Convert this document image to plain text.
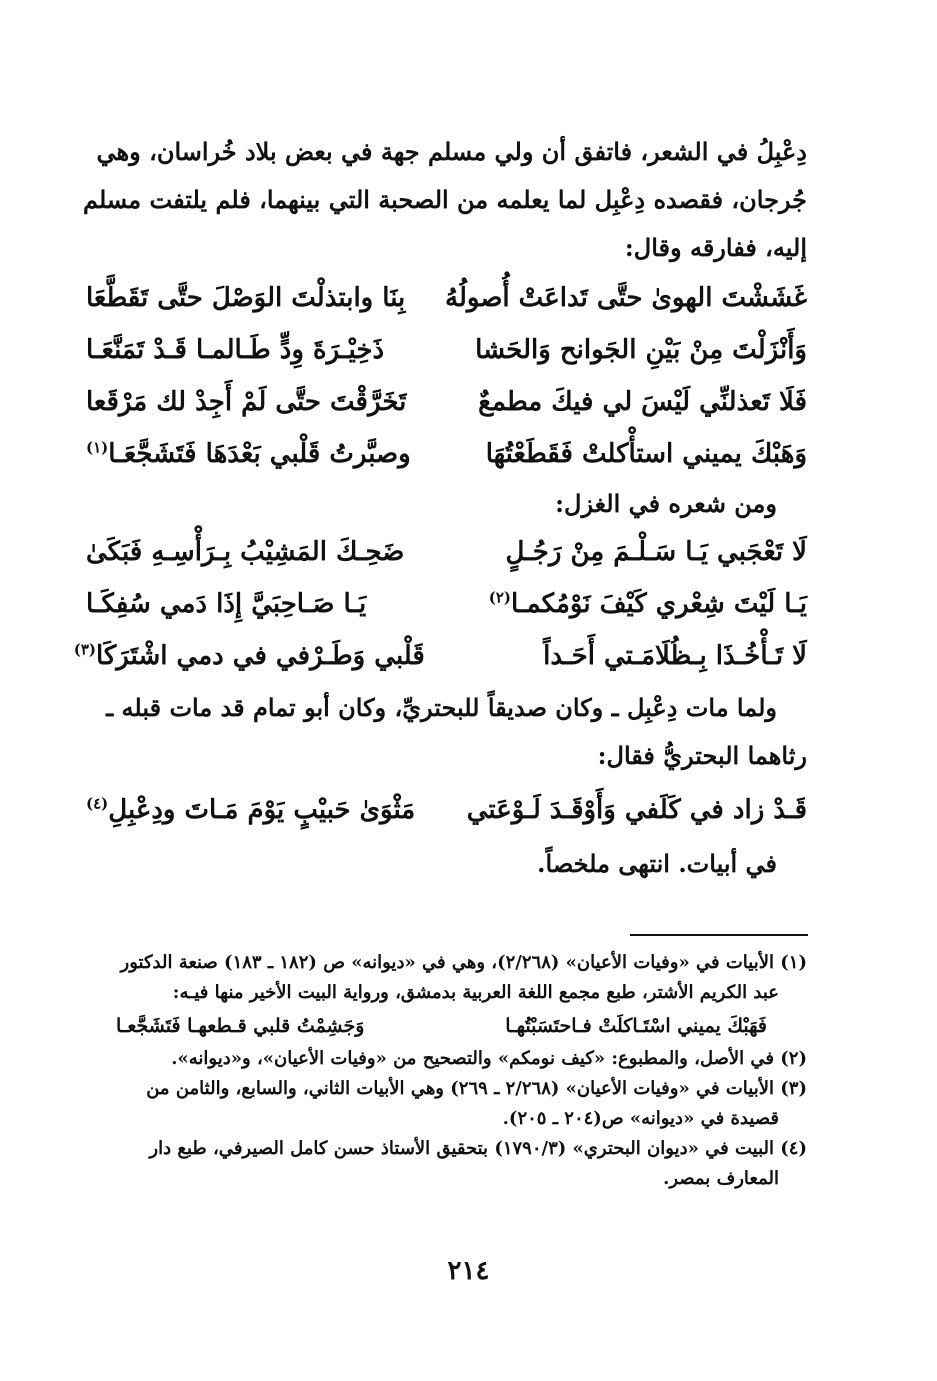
دِعْبِلُ في الشعر، فاتفق أن ولي مسلم جهة في بعض بلاد خُراسان، وهي
جُرجان، فقصده دِعْبِل لما يعلمه من الصحبة التي بينهما، فلم يلتفت مسلم
إليه، ففارقه وقال:
غَشَشْتَ الهوىٰ حتَّى تَداعَتْ أُصولُهُ
بِنَا وابتذلْتَ الوَصْلَ حتَّى تَقَطَّعَا
وَأَنْزَلْتَ مِنْ بَيْنِ الجَوانح وَالحَشا
ذَخِيْـرَةَ وِدٍّ طَـالمـا قَـدْ تَمَنَّعَـا
فَلَا تَعذلنِّي لَيْسَ لي فيكَ مطمعٌ
تَخَرَّقْتَ حتَّى لَمْ أَجِدْ لك مَرْقَعا
وَهَبْكَ يميني استأْكلتْ فَقَطَعْتُهَا
وصبَّرتُ قَلْبي بَعْدَهَا فَتَشَجَّعَـا$^{(١)}$
ومن شعره في الغزل:
لَا تَعْجَبي يَـا سَـلْـمَ مِنْ رَجُـلٍ
ضَحِـكَ المَشِيْبُ بِـرَأْسِـهِ فَبَكَىٰ
يَـا لَيْتَ شِعْري كَيْفَ نَوْمُكمـا$^{(٢)}$
يَـا صَـاحِبَيَّ إِذَا دَمي سُفِكَـا
لَا تَـأْخُـذَا بِـظُلَامَـتي أَحَـداً
قَلْبي وَطَـرْفي في دمي اشْتَرَكَا$^{(٣)}$
ولما مات دِعْبِل ـ وكان صديقاً للبحتريِّ، وكان أبو تمام قد مات قبله ـ
رثاهما البحتريُّ فقال:
قَـدْ زاد في كَلَفي وَأَوْقَـدَ لَـوْعَتي
مَثْوَىٰ حَبيْبٍ يَوْمَ مَـاتَ ودِعْبِلِ$^{(٤)}$
في أبيات. انتهى ملخصاً.
(١) الأبيات في «وفيات الأعيان» (٢/٢٦٨)، وهي في «ديوانه» ص (١٨٢ ـ ١٨٣) صنعة الدكتور
عبد الكريم الأشتر، طبع مجمع اللغة العربية بدمشق، ورواية البيت الأخير منها فيـه:
فَهَبْكَ يميني اسْتَـاكلَتْ فـاحتَسَبْتُهـا
وَجَشِمْتُ قلبي قـطعهـا فَتَشَجَّعـا
(٢) في الأصل، والمطبوع: «كيف نومكم» والتصحيح من «وفيات الأعيان»، و«ديوانه».
(٣) الأبيات في «وفيات الأعيان» (٢/٢٦٨ ـ ٢٦٩) وهي الأبيات الثاني، والسابع، والثامن من
قصيدة في «ديوانه» ص(٢٠٤ ـ ٢٠٥).
(٤) البيت في «ديوان البحتري» (١٧٩٠/٣) بتحقيق الأستاذ حسن كامل الصيرفي، طبع دار
المعارف بمصر.
٢١٤
